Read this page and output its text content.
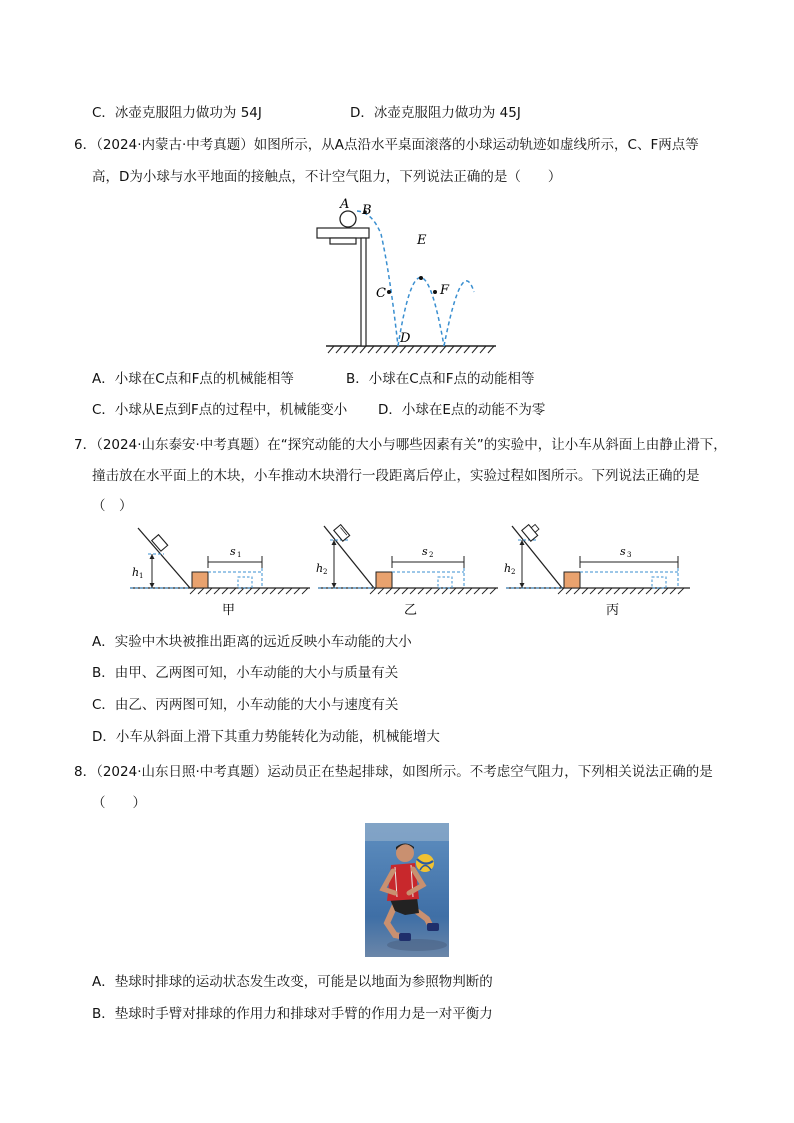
C．冰壶克服阻力做功为 54J	D．冰壶克服阻力做功为 45J
6．（2024·内蒙古·中考真题）如图所示，从A点沿水平桌面滚落的小球运动轨迹如虚线所示，C、F两点等
高，D为小球与水平地面的接触点，不计空气阻力，下列说法正确的是（　　）
A B
C
D
E
F
A．小球在C点和F点的机械能相等	B．小球在C点和F点的动能相等
C．小球从E点到F点的过程中，机械能变小 D．小球在E点的动能不为零
7．（2024·山东泰安·中考真题）在“探究动能的大小与哪些因素有关”的实验中，让小车从斜面上由静止滑下，
撞击放在水平面上的木块，小车推动木块滑行一段距离后停止，实验过程如图所示。下列说法正确的是
（　）
s 1
h 1
甲
s 2
h 2
乙
s 3
h 2
丙
A．实验中木块被推出距离的远近反映小车动能的大小
B．由甲、乙两图可知，小车动能的大小与质量有关
C．由乙、丙两图可知，小车动能的大小与速度有关
D．小车从斜面上滑下其重力势能转化为动能，机械能增大
8．（2024·山东日照·中考真题）运动员正在垫起排球，如图所示。不考虑空气阻力，下列相关说法正确的是
（　　）
A．垫球时排球的运动状态发生改变，可能是以地面为参照物判断的
B．垫球时手臂对排球的作用力和排球对手臂的作用力是一对平衡力
